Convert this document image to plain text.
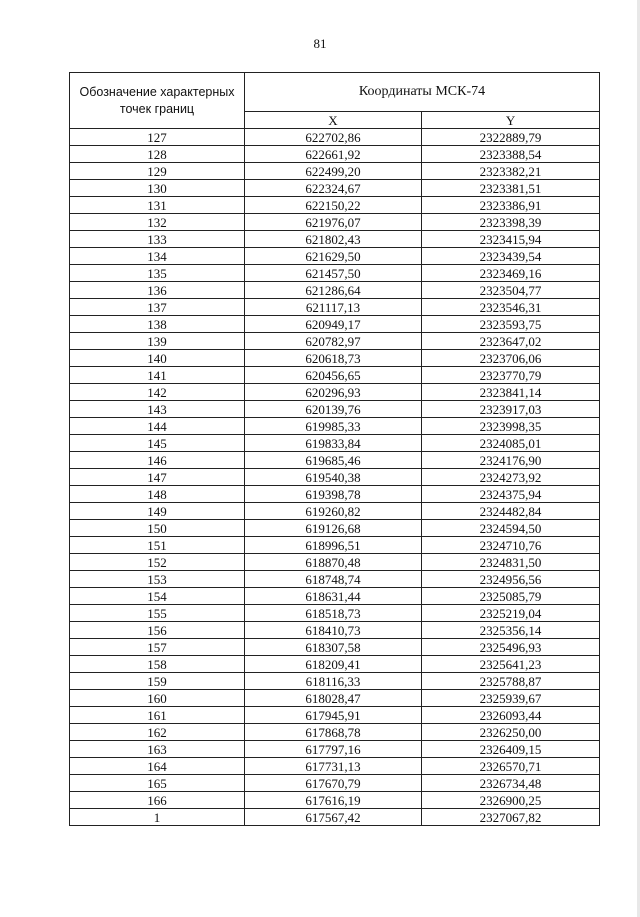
81
Обозначение характерных точек границ	Координаты МСК-74	
	X	Y
127	622702,86	2322889,79
128	622661,92	2323388,54
129	622499,20	2323382,21
130	622324,67	2323381,51
131	622150,22	2323386,91
132	621976,07	2323398,39
133	621802,43	2323415,94
134	621629,50	2323439,54
135	621457,50	2323469,16
136	621286,64	2323504,77
137	621117,13	2323546,31
138	620949,17	2323593,75
139	620782,97	2323647,02
140	620618,73	2323706,06
141	620456,65	2323770,79
142	620296,93	2323841,14
143	620139,76	2323917,03
144	619985,33	2323998,35
145	619833,84	2324085,01
146	619685,46	2324176,90
147	619540,38	2324273,92
148	619398,78	2324375,94
149	619260,82	2324482,84
150	619126,68	2324594,50
151	618996,51	2324710,76
152	618870,48	2324831,50
153	618748,74	2324956,56
154	618631,44	2325085,79
155	618518,73	2325219,04
156	618410,73	2325356,14
157	618307,58	2325496,93
158	618209,41	2325641,23
159	618116,33	2325788,87
160	618028,47	2325939,67
161	617945,91	2326093,44
162	617868,78	2326250,00
163	617797,16	2326409,15
164	617731,13	2326570,71
165	617670,79	2326734,48
166	617616,19	2326900,25
1	617567,42	2327067,82
